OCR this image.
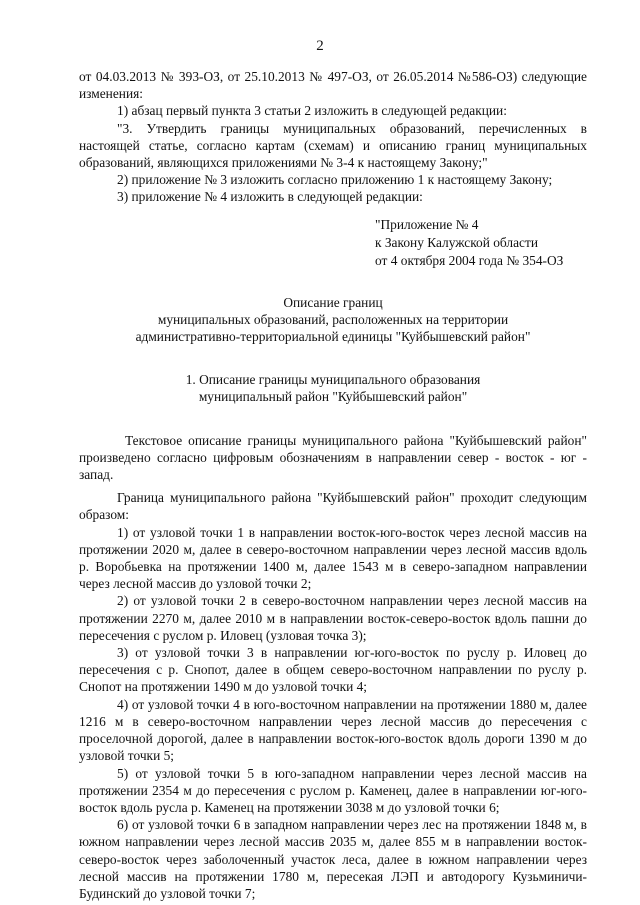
2

от 04.03.2013 № 393-ОЗ, от 25.10.2013 № 497-ОЗ, от 26.05.2014 №586-ОЗ) следующие изменения:

1) абзац первый пункта 3 статьи 2 изложить в следующей редакции:

"3. Утвердить границы муниципальных образований, перечисленных в настоящей статье, согласно картам (схемам) и описанию границ муниципальных образований, являющихся приложениями № 3-4 к настоящему Закону;"

2) приложение № 3 изложить согласно приложению 1 к настоящему Закону;

3) приложение № 4 изложить в следующей редакции:

"Приложение № 4

к Закону Калужской области

от 4 октября 2004 года № 354-ОЗ

Описание границ

муниципальных образований, расположенных на территории

административно-территориальной единицы "Куйбышевский район"

1. Описание границы муниципального образования

муниципальный район "Куйбышевский район"

Текстовое описание границы муниципального района "Куйбышевский район" произведено согласно цифровым обозначениям в направлении север - восток - юг - запад.

Граница муниципального района "Куйбышевский район" проходит следующим образом:

1) от узловой точки 1 в направлении восток-юго-восток через лесной массив на протяжении 2020 м, далее в северо-восточном направлении через лесной массив вдоль р. Воробьевка на протяжении 1400 м, далее 1543 м в северо-западном направлении через лесной массив до узловой точки 2;

2) от узловой точки 2 в северо-восточном направлении через лесной массив на протяжении 2270 м, далее 2010 м в направлении восток-северо-восток вдоль пашни до пересечения с руслом р. Иловец (узловая точка 3);

3) от узловой точки 3 в направлении юг-юго-восток по руслу р. Иловец до пересечения с р. Снопот, далее в общем северо-восточном направлении по руслу р. Снопот на протяжении 1490 м до узловой точки 4;

4) от узловой точки 4 в юго-восточном направлении на протяжении 1880 м, далее 1216 м в северо-восточном направлении через лесной массив до пересечения с проселочной дорогой, далее в направлении восток-юго-восток вдоль дороги 1390 м до узловой точки 5;

5) от узловой точки 5 в юго-западном направлении через лесной массив на протяжении 2354 м до пересечения с руслом р. Каменец, далее в направлении юг-юго-восток вдоль русла р. Каменец на протяжении 3038 м до узловой точки 6;

6) от узловой точки 6 в западном направлении через лес на протяжении 1848 м, в южном направлении через лесной массив 2035 м, далее 855 м в направлении восток-северо-восток через заболоченный участок леса, далее в южном направлении через лесной массив на протяжении 1780 м, пересекая ЛЭП и автодорогу Кузьминичи-Будинский до узловой точки 7;
